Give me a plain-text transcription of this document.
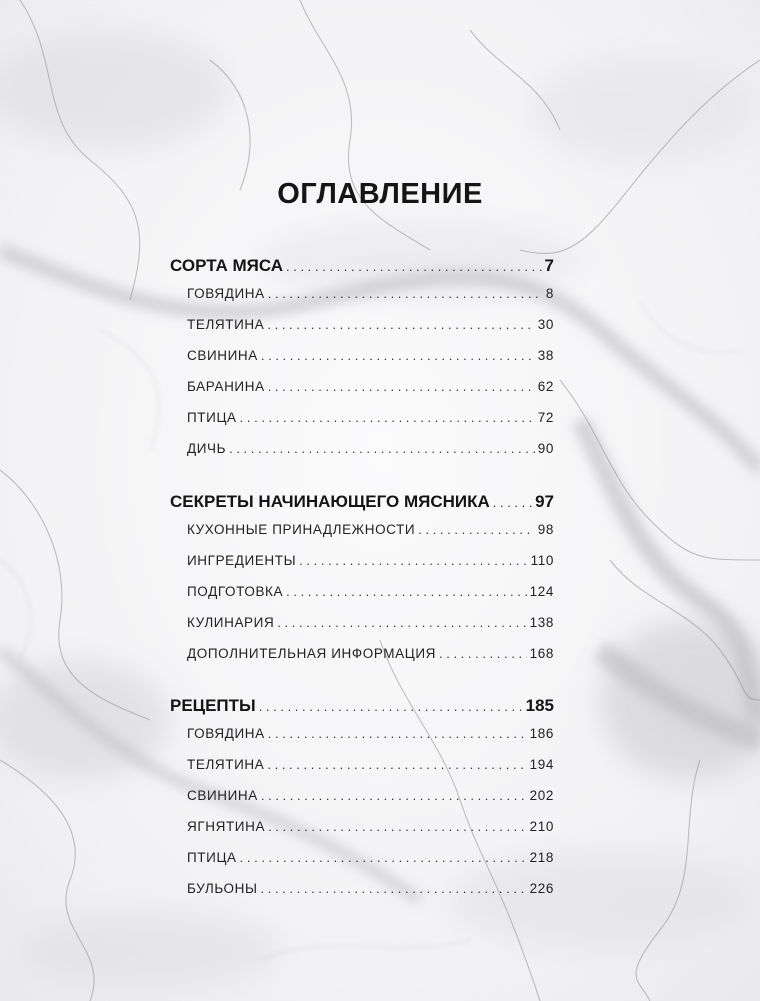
ОГЛАВЛЕНИЕ
СОРТА МЯСА . . .	7
ГОВЯДИНА . . .	8
ТЕЛЯТИНА . . .	30
СВИНИНА . . .	38
БАРАНИНА . . .	62
ПТИЦА . . .	72
ДИЧЬ . . .	90
СЕКРЕТЫ НАЧИНАЮЩЕГО МЯСНИКА . . .	97
КУХОННЫЕ ПРИНАДЛЕЖНОСТИ . . .	98
ИНГРЕДИЕНТЫ . . .	110
ПОДГОТОВКА . . .	124
КУЛИНАРИЯ . . .	138
ДОПОЛНИТЕЛЬНАЯ ИНФОРМАЦИЯ . . .	168
РЕЦЕПТЫ . . .	185
ГОВЯДИНА . . .	186
ТЕЛЯТИНА . . .	194
СВИНИНА . . .	202
ЯГНЯТИНА . . .	210
ПТИЦА . . .	218
БУЛЬОНЫ . . .	226
